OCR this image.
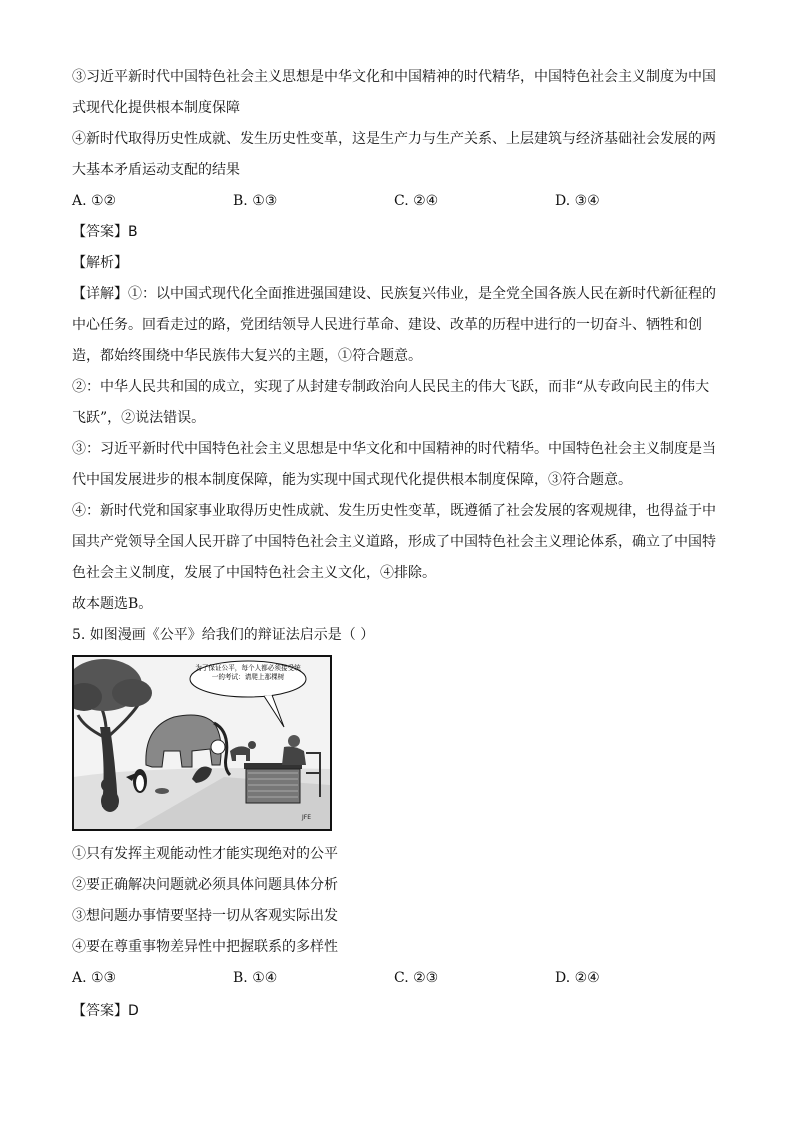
③习近平新时代中国特色社会主义思想是中华文化和中国精神的时代精华，中国特色社会主义制度为中国式现代化提供根本制度保障

④新时代取得历史性成就、发生历史性变革，这是生产力与生产关系、上层建筑与经济基础社会发展的两大基本矛盾运动支配的结果

A. ①②	B. ①③	C. ②④	D. ③④

【答案】B

【解析】

【详解】①：以中国式现代化全面推进强国建设、民族复兴伟业，是全党全国各族人民在新时代新征程的中心任务。回看走过的路，党团结领导人民进行革命、建设、改革的历程中进行的一切奋斗、牺牲和创造，都始终围绕中华民族伟大复兴的主题，①符合题意。

②：中华人民共和国的成立，实现了从封建专制政治向人民民主的伟大飞跃，而非“从专政向民主的伟大飞跃”，②说法错误。

③：习近平新时代中国特色社会主义思想是中华文化和中国精神的时代精华。中国特色社会主义制度是当代中国发展进步的根本制度保障，能为实现中国式现代化提供根本制度保障，③符合题意。

④：新时代党和国家事业取得历史性成就、发生历史性变革，既遵循了社会发展的客观规律，也得益于中国共产党领导全国人民开辟了中国特色社会主义道路，形成了中国特色社会主义理论体系，确立了中国特色社会主义制度，发展了中国特色社会主义文化，④排除。

故本题选B。

5. 如图漫画《公平》给我们的辩证法启示是（ ）

JFE
为了保证公平，每个人都必须接受统一的考试：请爬上那棵树

①只有发挥主观能动性才能实现绝对的公平

②要正确解决问题就必须具体问题具体分析

③想问题办事情要坚持一切从客观实际出发

④要在尊重事物差异性中把握联系的多样性

A. ①③	B. ①④	C. ②③	D. ②④

【答案】D
